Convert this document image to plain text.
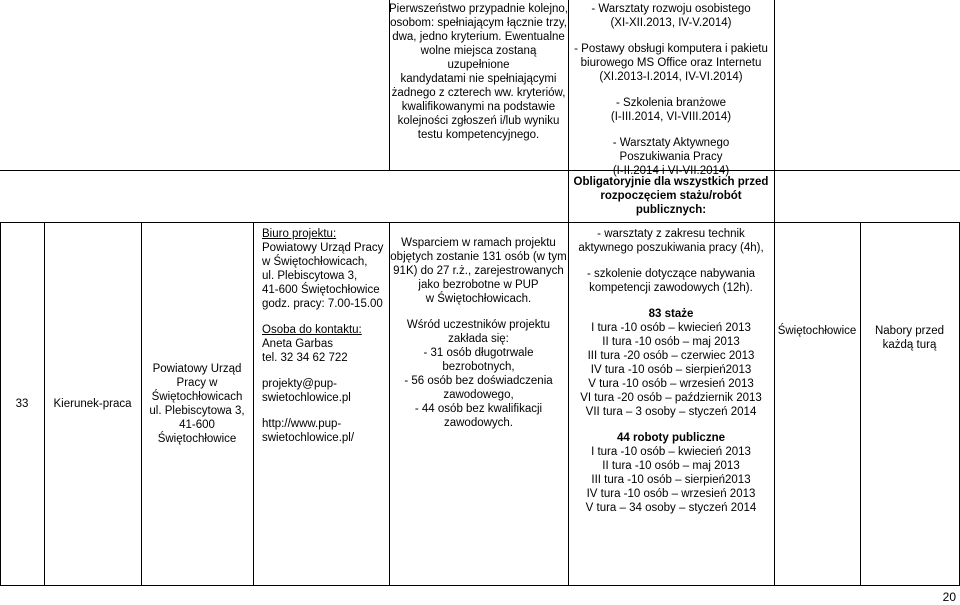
Pierwszeństwo przypadnie kolejno,

osobom: spełniającym łącznie trzy,

dwa, jedno kryterium. Ewentualne

wolne miejsca zostaną uzupełnione

kandydatami nie spełniającymi

żadnego z czterech ww. kryteriów,

kwalifikowanymi na podstawie

kolejności zgłoszeń i/lub wyniku

testu kompetencyjnego.

- Warsztaty rozwoju osobistego

(XI-XII.2013, IV-V.2014)

- Postawy obsługi komputera i pakietu

biurowego MS Office oraz Internetu

(XI.2013-I.2014, IV-VI.2014)

- Szkolenia branżowe

(I-III.2014, VI-VIII.2014)

- Warsztaty Aktywnego

Poszukiwania Pracy

(I-II.2014 i VI-VII.2014)

Obligatoryjnie dla wszystkich przed

rozpoczęciem stażu/robót

publicznych:

33 Kierunek-praca

Powiatowy Urząd

Pracy w

Świętochłowicach

ul. Plebiscytowa 3,

41-600

Świętochłowice

Biuro projektu:

Powiatowy Urząd Pracy

w Świętochłowicach,

ul. Plebiscytowa 3,

41-600 Świętochłowice

godz. pracy: 7.00-15.00

Osoba do kontaktu:

Aneta Garbas

tel. 32 34 62 722

projekty@pup-
swietochlowice.pl

http://www.pup-
swietochlowice.pl/

Wsparciem w ramach projektu

objętych zostanie 131 osób (w tym

91K) do 27 r.ż., zarejestrowanych

jako bezrobotne w PUP

w Świętochłowicach.

Wśród uczestników projektu

zakłada się:

- 31 osób długotrwale

bezrobotnych,

- 56 osób bez doświadczenia

zawodowego,

- 44 osób bez kwalifikacji

zawodowych.

- warsztaty z zakresu technik

aktywnego poszukiwania pracy (4h),

- szkolenie dotyczące nabywania

kompetencji zawodowych (12h).

83 staże

I tura -10 osób – kwiecień 2013

II tura -10 osób – maj 2013

III tura -20 osób – czerwiec 2013

IV tura -10 osób – sierpień2013

V tura -10 osób – wrzesień 2013

VI tura -20 osób – październik 2013

VII tura – 3 osoby – styczeń 2014

44 roboty publiczne

I tura -10 osób – kwiecień 2013

II tura -10 osób – maj 2013

III tura -10 osób – sierpień2013

IV tura -10 osób – wrzesień 2013

V tura – 34 osoby – styczeń 2014

Świętochłowice	Nabory przed

każdą turą

20
